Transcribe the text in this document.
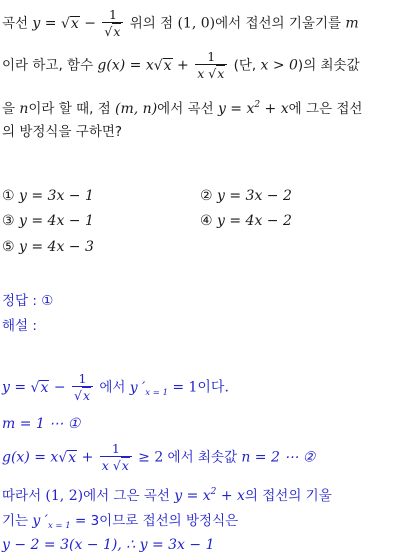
곡선 $y = √x - \frac{1}{√x}$ 위의 점 (1, 0)에서 접선의 기울기를 m
이라 하고, 함수 $g(x) = x√x + \frac{1}{x √x}$ (단, x > 0)의 최솟값
을 n이라 할 때, 점 (m, n)에서 곡선 $y = x^2 + x$에 그은 접선
의 방정식을 구하면?
① y = 3x − 1	② y = 3x − 2
③ y = 4x − 1	④ y = 4x − 2
⑤ y = 4x − 3
정답 : ①
해설 :
$y = √x - \frac{1}{√x}$ 에서 y $'_{x = 1} = 1$이다.
m = 1 ⋯ ①
$g(x) = x√x + \frac{1}{x √x} \ge 2$ 에서 최솟값 n = 2 ⋯ ②
따라서 (1, 2)에서 그은 곡선 $y = x^2 + x$의 접선의 기울
기는 y $'_{x = 1} = 3$이므로 접선의 방정식은
y − 2 = 3(x − 1), ∴ y = 3x − 1
